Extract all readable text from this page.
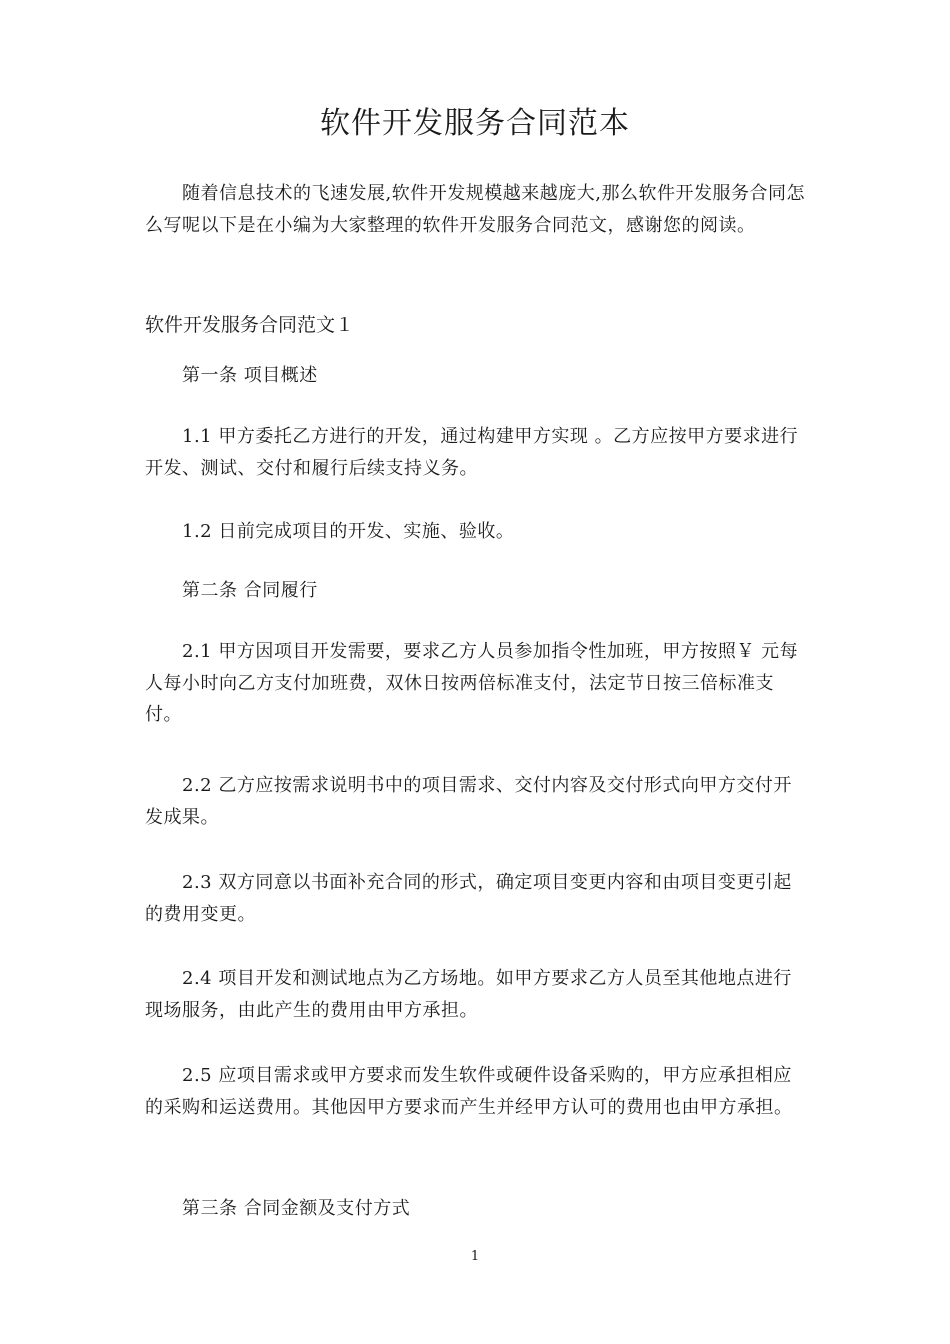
软件开发服务合同范本
随着信息技术的飞速发展,软件开发规模越来越庞大,那么软件开发服务合同怎么写呢以下是在小编为大家整理的软件开发服务合同范文，感谢您的阅读。
软件开发服务合同范文１
第一条 项目概述
1.1 甲方委托乙方进行的开发，通过构建甲方实现 。乙方应按甲方要求进行开发、测试、交付和履行后续支持义务。
1.2 日前完成项目的开发、实施、验收。
第二条 合同履行
2.1 甲方因项目开发需要，要求乙方人员参加指令性加班，甲方按照￥ 元每人每小时向乙方支付加班费，双休日按两倍标准支付，法定节日按三倍标准支付。
2.2 乙方应按需求说明书中的项目需求、交付内容及交付形式向甲方交付开发成果。
2.3 双方同意以书面补充合同的形式，确定项目变更内容和由项目变更引起的费用变更。
2.4 项目开发和测试地点为乙方场地。如甲方要求乙方人员至其他地点进行现场服务，由此产生的费用由甲方承担。
2.5 应项目需求或甲方要求而发生软件或硬件设备采购的，甲方应承担相应的采购和运送费用。其他因甲方要求而产生并经甲方认可的费用也由甲方承担。
第三条 合同金额及支付方式
1
